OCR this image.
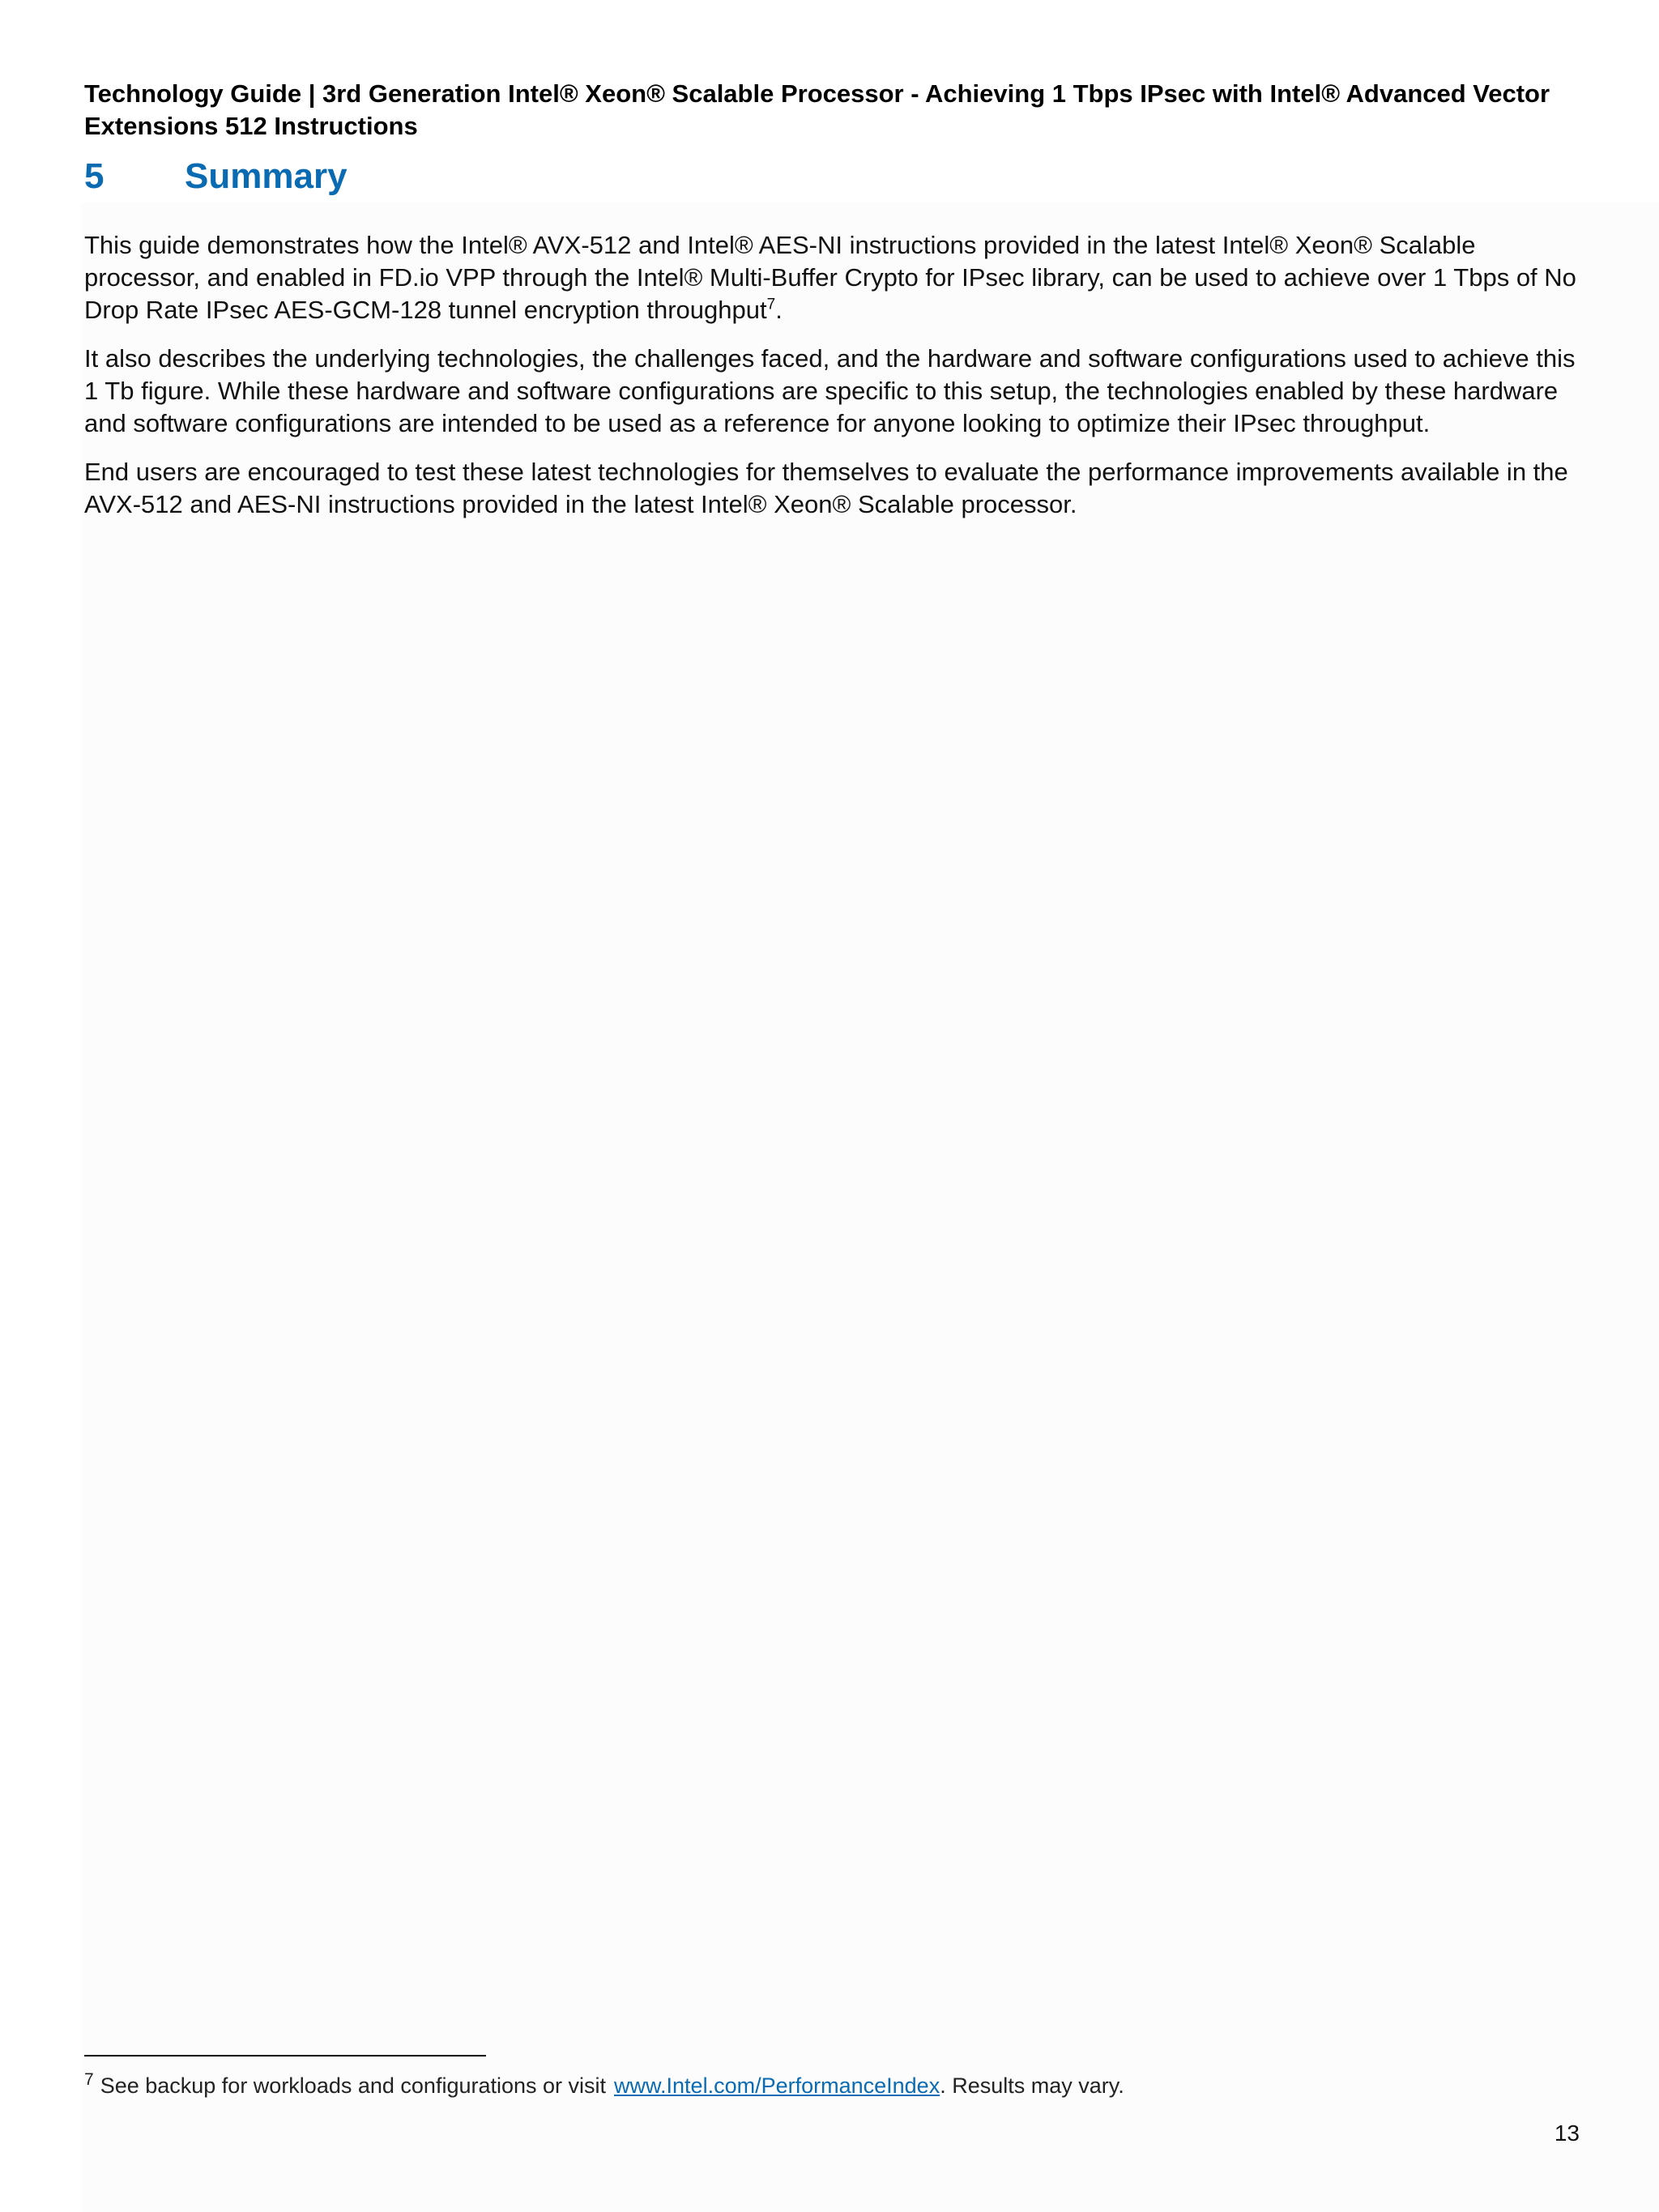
Technology Guide | 3rd Generation Intel® Xeon® Scalable Processor - Achieving 1 Tbps IPsec with Intel® Advanced Vector
Extensions 512 Instructions
5	Summary

This guide demonstrates how the Intel® AVX-512 and Intel® AES-NI instructions provided in the latest Intel® Xeon® Scalable processor, and enabled in FD.io VPP through the Intel® Multi-Buffer Crypto for IPsec library, can be used to achieve over 1 Tbps of No Drop Rate IPsec AES-GCM-128 tunnel encryption throughput$^7$.

It also describes the underlying technologies, the challenges faced, and the hardware and software configurations used to achieve this 1 Tb figure. While these hardware and software configurations are specific to this setup, the technologies enabled by these hardware and software configurations are intended to be used as a reference for anyone looking to optimize their IPsec throughput.

End users are encouraged to test these latest technologies for themselves to evaluate the performance improvements available in the AVX-512 and AES-NI instructions provided in the latest Intel® Xeon® Scalable processor.

$^7$ See backup for workloads and configurations or visit www.Intel.com/PerformanceIndex. Results may vary.
13
